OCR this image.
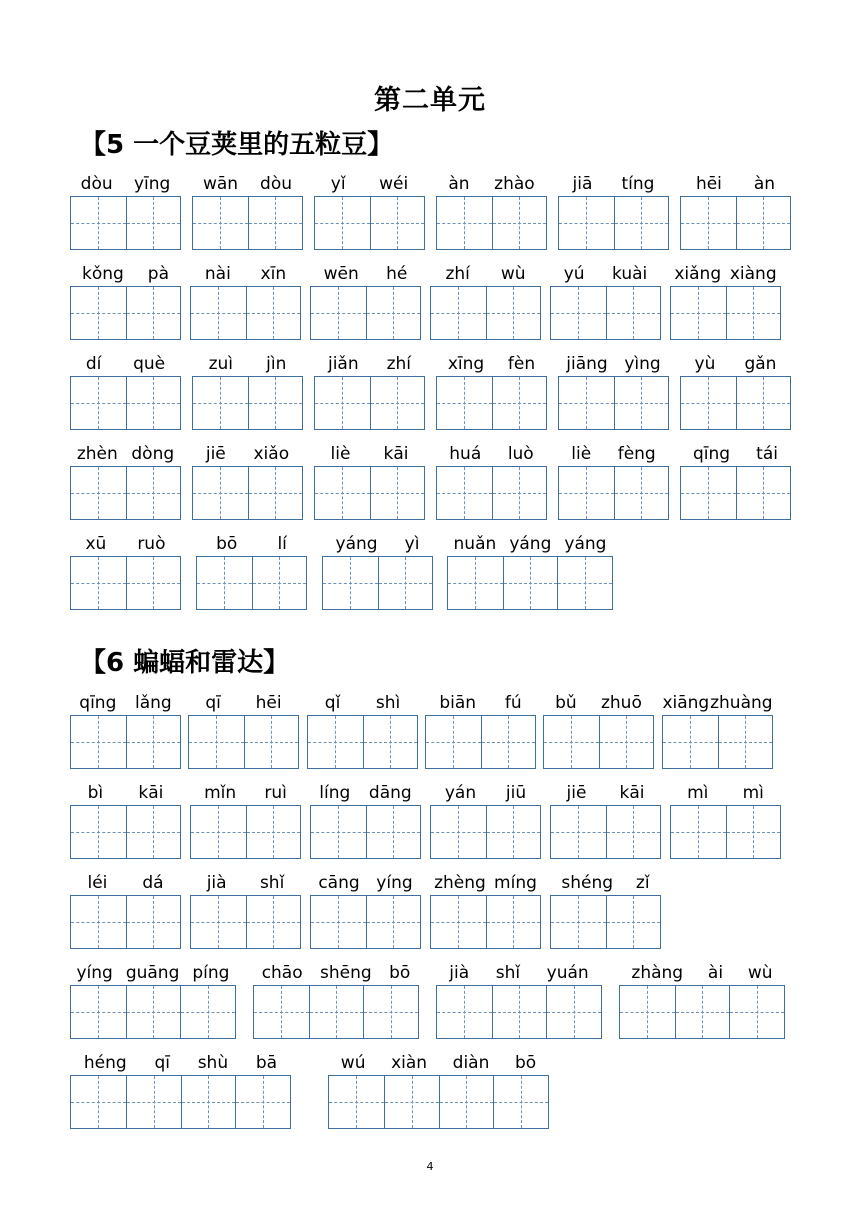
第二单元
【5 一个豆荚里的五粒豆】
dòu yīng wān dòu yǐ wéi àn zhào jiā tíng hēi àn
kǒng pà nài xīn wēn hé zhí wù yú kuài xiǎng xiàng
dí què	zuì jìn jiǎn zhí xīng fèn jiāng yìng yù gǎn
zhèn dòng jiē xiǎo liè kāi huá luò liè fèng qīng tái
xū ruò	bō lí	yáng yì nuǎn yáng yáng
【6 蝙蝠和雷达】
qīng lǎng qī hēi	qǐ shì biān fú bǔ zhuō xiāng zhuàng
bì kāi mǐn ruì líng dāng yán jiū jiē kāi	mì mì
léi dá	jià shǐ cāng yíng zhèng míng shéng zǐ
yíng guāng píng chāo shēng bō jià shǐ yuán	zhàng ài wù
héng qī shù bā	wú xiàn diàn bō
4
